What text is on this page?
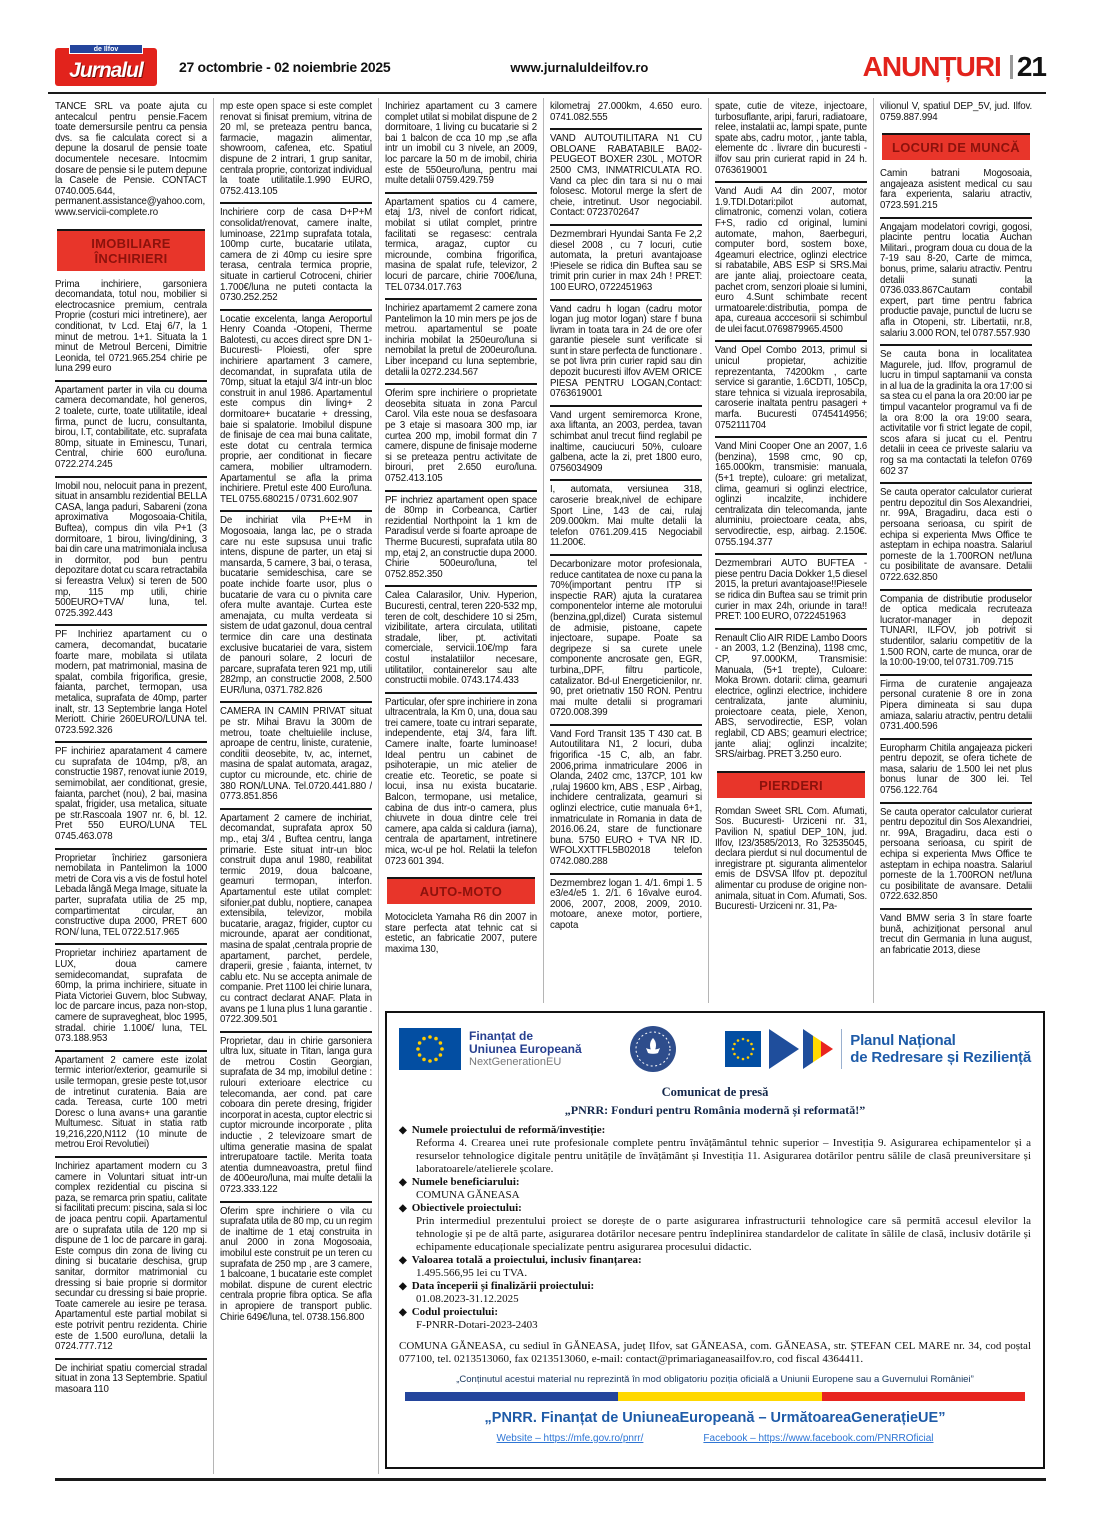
de Ilfov
Jurnalul	27 octombrie - 02 noiembrie 2025	www.jurnaluldeilfov.ro	ANUNȚURI 21
TANCE SRL va poate ajuta cu antecalcul pentru pensie.Facem toate demersursile pentru ca pensia dvs. sa fie calculata corect si a depune la dosarul de pensie toate documentele necesare. Intocmim dosare de pensie si le putem depune la Casele de Pensie. CONTACT 0740.005.644, permanent.assistance@yahoo.com, www.servicii-complete.ro
IMOBILIARE ÎNCHIRIERI
Prima inchiriere, garsoniera decomandata, totul nou, mobilier si electrocasnice premium, centrala Proprie (costuri mici intretinere), aer conditionat, tv Lcd. Etaj 6/7, la 1 minut de metrou. 1+1. Situata la 1 minut de Metroul Berceni, Dimitrie Leonida, tel 0721.965.254 chirie pe luna 299 euro
Apartament parter in vila cu douma camera decomandate, hol generos, 2 toalete, curte, toate utilitatile, ideal firma, punct de lucru, consultanta, birou, I.T, contabilitate, etc. suprafata 80mp, situate in Eminescu, Tunari, Central, chirie 600 euro/luna. 0722.274.245
Imobil nou, nelocuit pana in prezent, situat in ansamblu rezidential BELLA CASA, langa paduri, Sabareni (zona aproximativa Mogosoaia-Chitila, Buftea), compus din vila P+1 (3 dormitoare, 1 birou, living/dining, 3 bai din care una matrimoniala inclusa in dormitor, pod bun pentru depozitare dotat cu scara retractabila si fereastra Velux) si teren de 500 mp, 115 mp utili, chirie 500EURO+TVA/ luna, tel. 0725.392.443
PF Inchiriez apartament cu o camera, decomandat, bucatarie foarte mare, mobilata si utilata modern, pat matrimonial, masina de spalat, combila frigorifica, gresie, faianta, parchet, termopan, usa metalica, suprafata de 40mp, parter inalt, str. 13 Septembrie langa Hotel Meriott. Chirie 260EURO/LUNA tel. 0723.592.326
PF inchiriez aparatament 4 camere cu suprafata de 104mp, p/8, an constructie 1987, renovat iunie 2019, semimobilat, aer conditionat, gresie, faianta, parchet (nou), 2 bai, masina spalat, frigider, usa metalica, situate pe str.Rascoala 1907 nr. 6, bl. 12. Pret 550 EURO/LUNA TEL 0745.463.078
Proprietar închiriez garsoniera nemobilata in Pantelimon la 1000 metri de Cora vis a vis de fostul hotel Lebada lângă Mega Image, situate la parter, suprafata utilia de 25 mp, compartimentat circular, an constructive dupa 2000, PRET 600 RON/ luna, TEL 0722.517.965
Proprietar inchiriez apartament de LUX, doua camere semidecomandat, suprafata de 60mp, la prima inchiriere, situate in Piata Victoriei Guvern, bloc Subway, loc de parcare incus, paza non-stop, camere de supravegheat, bloc 1995, stradal. chirie 1.100€/ luna, TEL 073.188.953
Apartament 2 camere este izolat termic interior/exterior, geamurile si usile termopan, gresie peste tot,usor de intretinut curatenia. Baia are cada. Tereasa, curte 100 metri Doresc o luna avans+ una garantie Multumesc. Situat in statia ratb 19,216,220,N112 (10 minute de metrou Eroi Revolutiei)
Inchiriez apartament modern cu 3 camere in Voluntari situat intr-un complex rezidential cu piscina si paza, se remarca prin spatiu, calitate si facilitati precum: piscina, sala si loc de joaca pentru copii. Apartamentul are o suprafata utila de 120 mp si dispune de 1 loc de parcare in garaj. Este compus din zona de living cu dining si bucatarie deschisa, grup sanitar, dormitor matrimonial cu dressing si baie proprie si dormitor secundar cu dressing si baie proprie. Toate camerele au iesire pe terasa. Apartamentul este partial mobilat si este potrivit pentru rezidenta. Chirie este de 1.500 euro/luna, detalii la 0724.777.712
De inchiriat spatiu comercial stradal situat in zona 13 Septembrie. Spatiul masoara 110
mp este open space si este complet renovat si finisat premium, vitrina de 20 ml, se preteaza pentru banca, farmacie, magazin alimentar, showroom, cafenea, etc. Spatiul dispune de 2 intrari, 1 grup sanitar, centrala proprie, contorizat individual la toate utilitatile.1.990 EURO, 0752.413.105
Inchiriere corp de casa D+P+M consolidat/renovat, camere inalte, luminoase, 221mp suprafata totala, 100mp curte, bucatarie utilata, camera de zi 40mp cu iesire spre terasa, centrala termica proprie, situate in cartierul Cotroceni, chirier 1.700€/luna ne puteti contacta la 0730.252.252
Locatie excelenta, langa Aeroportul Henry Coanda -Otopeni, Therme Balotesti, cu acces direct spre DN 1- Bucuresti- Ploiesti, ofer spre inchiriere apartament 3 camere, decomandat, in suprafata utila de 70mp, situat la etajul 3/4 intr-un bloc construit in anul 1986. Apartamentul este compus din living+ 2 dormitoare+ bucatarie + dressing, baie si spalatorie. Imobilul dispune de finisaje de cea mai buna calitate, este dotat cu centrala termica proprie, aer conditionat in fiecare camera, mobilier ultramodern. Apartamentul se afla la prima inchiriere. Pretul este 400 Euro/luna. TEL 0755.680215 / 0731.602.907
De inchiriat vila P+E+M in Mogosoaia, langa lac, pe o strada care nu este supsusa unui trafic intens, dispune de parter, un etaj si mansarda, 5 camere, 3 bai, o terasa, bucatarie semideschisa, care se poate inchide foarte usor, plus o bucatarie de vara cu o pivnita care ofera multe avantaje. Curtea este amenajata, cu multa verdeata si sistem de udat gazonul, doua central termice din care una destinata exclusive bucatariei de vara, sistem de panouri solare, 2 locuri de parcare, suprafata teren 921 mp, utili 282mp, an constructie 2008, 2.500 EUR/luna, 0371.782.826
CAMERA IN CAMIN PRIVAT situat pe str. Mihai Bravu la 300m de metrou, toate cheltuielile incluse, aproape de centru, liniste, curatenie, conditii deosebite, tv, ac, internet, masina de spalat automata, aragaz, cuptor cu microunde, etc. chirie de 380 RON/LUNA. Tel.0720.441.880 / 0773.851.856
Apartament 2 camere de inchiriat, decomandat, suprafata aprox 50 mp., etaj 3/4 , Buftea centru, langa primarie. Este situat intr-un bloc construit dupa anul 1980, reabilitat termic 2019, doua balcoane, geamuri termopan, interfon. Apartamentul este utilat complet: sifonier,pat dublu, noptiere, canapea extensibila, televizor, mobila bucatarie, aragaz, frigider, cuptor cu microunde, aparat aer conditionat, masina de spalat ,centrala proprie de apartament, parchet, perdele, draperii, gresie , faianta, internet, tv cablu etc. Nu se accepta animale de companie. Pret 1100 lei chirie lunara, cu contract declarat ANAF. Plata in avans pe 1 luna plus 1 luna garantie . 0722.309.501
Proprietar, dau in chirie garsoniera ultra lux, situate in Titan, langa gura de metrou Costin Georgian, suprafata de 34 mp, imobilul detine : rulouri exterioare electrice cu telecomanda, aer cond. pat care coboara din perete dresing, frigider incorporat in acesta, cuptor electric si cuptor microunde incorporate , plita inductie , 2 televizoare smart de ultima generatie masina de spalat intrerupatoare tactile. Merita toata atentia dumneavoastra, pretul fiind de 400euro/luna, mai multe detalii la 0723.333.122
Oferim spre inchiriere o vila cu suprafata utila de 80 mp, cu un regim de inaltime de 1 etaj construita in anul 2000 in zona Mogosoaia, imobilul este construit pe un teren cu suprafata de 250 mp , are 3 camere, 1 balcoane, 1 bucatarie este complet mobilat. dispune de curent electric centrala proprie fibra optica. Se afla in apropiere de transport public. Chirie 649€/luna, tel. 0738.156.800
Inchiriez apartament cu 3 camere complet utilat si mobilat dispune de 2 dormitoare, 1 living cu bucatarie si 2 bai 1 balcon de cca 10 mp ,se afla intr un imobil cu 3 nivele, an 2009, loc parcare la 50 m de imobil, chiria este de 550euro/luna, pentru mai multe detalii 0759.429.759
Apartament spatios cu 4 camere, etaj 1/3, nivel de confort ridicat, mobilat si utilat complet, printre facilitati se regasesc: centrala termica, aragaz, cuptor cu microunde, combina frigorifica, masina de spalat rufe, televizor, 2 locuri de parcare, chirie 700€/luna, TEL 0734.017.763
Inchiriez apartamemt 2 camere zona Pantelimon la 10 min mers pe jos de metrou. apartamentul se poate inchiria mobilat la 250euro/luna si nemobilat la pretul de 200euro/luna. Liber incepand cu luna septembrie, detalii la 0272.234.567
Oferim spre inchiriere o proprietate deosebita situata in zona Parcul Carol. Vila este noua se desfasoara pe 3 etaje si masoara 300 mp, iar curtea 200 mp, imobil format din 7 camere, dispune de finisaje moderne si se preteaza pentru activitate de birouri, pret 2.650 euro/luna. 0752.413.105
PF inchriez apartament open space de 80mp in Corbeanca, Cartier rezidential Northpoint la 1 km de Paradisul verde si foarte aproape de Therme Bucuresti, suprafata utila 80 mp, etaj 2, an constructie dupa 2000. Chirie 500euro/luna, tel 0752.852.350
Calea Calarasilor, Univ. Hyperion, Bucuresti, central, teren 220-532 mp, teren de colt, deschidere 10 si 25m, vizibilitate, artera circulata, utilitati stradale, liber, pt. activitati comerciale, servicii.10€/mp fara costul instalatiilor necesare, utilitatilor, containerelor sau alte constructii mobile. 0743.174.433
Particular, ofer spre inchiriere in zona ultracentrala, la Km 0, una, doua sau trei camere, toate cu intrari separate, independente, etaj 3/4, fara lift. Camere inalte, foarte luminoase! Ideal pentru un cabinet de psihoterapie, un mic atelier de creatie etc. Teoretic, se poate si locui, insa nu exista bucatarie. Balcon, termopane, usi metalice, cabina de dus intr-o camera, plus chiuvete in doua dintre cele trei camere, apa calda si caldura (iarna), centrala de apartament, intretinere mica, wc-ul pe hol. Relatii la telefon 0723 601 394.
AUTO-MOTO
Motocicleta Yamaha R6 din 2007 in stare perfecta atat tehnic cat si estetic, an fabricatie 2007, putere maxima 130,
kilometraj 27.000km, 4.650 euro. 0741.082.555
VAND AUTOUTILITARA N1 CU OBLOANE RABATABILE BA02-PEUGEOT BOXER 230L , MOTOR 2500 CM3, INMATRICULATA RO. Vand ca plec din tara si nu o mai folosesc. Motorul merge la sfert de cheie, intretinut. Usor negociabil. Contact: 0723702647
Dezmembrari Hyundai Santa Fe 2,2 diesel 2008 , cu 7 locuri, cutie automata, la preturi avantajoase !Piesele se ridica din Buftea sau se trimit prin curier in max 24h ! PRET: 100 EURO, 0722451963
Vand cadru h logan (cadru motor logan jug motor logan) stare f buna livram in toata tara in 24 de ore ofer garantie piesele sunt verificate si sunt in stare perfecta de functionare . se pot livra prin curier rapid sau din depozit bucuresti ilfov AVEM ORICE PIESA PENTRU LOGAN,Contact: 0763619001
Vand urgent semiremorca Krone, axa liftanta, an 2003, perdea, tavan schimbat anul trecut fiind reglabil pe inaltime, cauciucuri 50%, culoare galbena, acte la zi, pret 1800 euro, 0756034909
I, automata, versiunea 318, caroserie break,nivel de echipare Sport Line, 143 de cai, rulaj 209.000km. Mai multe detalii la telefon 0761.209.415 Negociabil 11.200€.
Decarbonizare motor profesionala, reduce cantitatea de noxe cu pana la 70%(important pentru ITP si inspectie RAR) ajuta la curatarea componentelor interne ale motorului (benzina,gpl,dizel) Curata sistemul de admisie, pistoane, capete injectoare, supape. Poate sa degripeze si sa curete unele componente ancrosate gen, EGR, turbina,,DPF, filtru particole, catalizator. Bd-ul Energeticienilor, nr. 90, pret orietnativ 150 RON. Pentru mai multe detalii si programari 0720.008.399
Vand Ford Transit 135 T 430 cat. B Autoutilitara N1, 2 locuri, duba frigorifica -15 C, alb, an fabr. 2006,prima inmatriculare 2006 in Olanda, 2402 cmc, 137CP, 101 kw ,rulaj 19600 km, ABS , ESP , Airbag, inchidere centralizata, geamuri si oglinzi electrice, cutie manuala 6+1, inmatriculate in Romania in data de 2016.06.24, stare de functionare buna. 5750 EURO + TVA NR ID. WFOLXXTTFL5B02018 telefon 0742.080.288
Dezmembrez logan 1. 4/1. 6mpi 1. 5 e3/e4/e5 1. 2/1. 6 16valve euro4. 2006, 2007, 2008, 2009, 2010. motoare, anexe motor, portiere, capota
spate, cutie de viteze, injectoare, turbosuflante, aripi, faruri, radiatoare, relee, instalatii ac, lampi spate, punte spate abs, cadru motor, , jante tabla, elemente dc . livrare din bucuresti - ilfov sau prin curierat rapid in 24 h. 0763619001
Vand Audi A4 din 2007, motor 1.9.TDI.Dotari:pilot automat, climatronic, comenzi volan, cotiera F+S, radio cd original, lumini automate, mahon, 8aerbeguri, computer bord, sostem boxe, 4geamuri electrice, oglinzi electrice si rabatabile, ABS ESP si SRS.Mai are jante aliaj, proiectoare ceata, pachet crom, senzori ploaie si lumini, euro 4.Sunt schimbate recent urmatoarele:distributia, pompa de apa, cureaua acccesorii si schimbul de ulei facut.0769879965.4500
Vand Opel Combo 2013, primul si unicul propietar, achizitie reprezentanta, 74200km , carte service si garantie, 1.6CDTI, 105Cp, stare tehnica si vizuala ireprosabila, caroserie inaltata pentru pasageri + marfa. Bucuresti 0745414956; 0752111704
Vand Mini Cooper One an 2007, 1.6 (benzina), 1598 cmc, 90 cp, 165.000km, transmisie: manuala,(5+1 trepte), culoare: gri metalizat, clima, geamuri si oglinzi electrice, oglinzi incalzite, inchidere centralizata din telecomanda, jante aluminiu, proiectoare ceata, abs, servodirectie, esp, airbag. 2.150€. 0755.194.377
Dezmembrari AUTO BUFTEA - piese pentru Dacia Dokker 1,5 diesel 2015, la preturi avantajoase!!Piesele se ridica din Buftea sau se trimit prin curier in max 24h, oriunde in tara!! PRET: 100 EURO, 0722451963
Renault Clio AIR RIDE Lambo Doors - an 2003, 1.2 (Benzina), 1198 cmc, CP, 97.000KM, Transmisie: Manuala, (5+1 trepte), Culoare: Moka Brown. dotarii: clima, geamuri electrice, oglinzi electrice, inchidere centralizata, jante aluminiu, proiectoare ceata, piele, Xenon, ABS, servodirectie, ESP, volan reglabil, CD ABS; geamuri electrice; jante aliaj; oglinzi incalzite; SRS/airbag. PRET 3.250 euro.
PIERDERI
Romdan Sweet SRL Com. Afumati, Sos. Bucuresti- Urziceni nr. 31, Pavilion N, spatiul DEP_10N, jud. Ilfov, I23/3585/2013, Ro 32535045, declara pierdut si nul documentul de inregistrare pt. siguranta alimentelor emis de DSVSA Ilfov pt. depozitul alimentar cu produse de origine non-animala, situat in Com. Afumati, Sos. Bucuresti- Urziceni nr. 31, Pa-
vilionul V, spatiul DEP_5V, jud. Ilfov. 0759.887.994
LOCURI DE MUNCĂ
Camin batrani Mogosoaia, angajeaza asistent medical cu sau fara experienta, salariu atractiv, 0723.591.215
Angajam modelatori covrigi, gogosi, placinte pentru locatia Auchan Militari., program doua cu doua de la 7-19 sau 8-20, Carte de mimca, bonus, prime, salariu atractiv. Pentru detalii sunati la 0736.033.867Cautam contabil expert, part time pentru fabrica productie pavaje, punctul de lucru se afla in Otopeni, str. Libertatii, nr.8, salariu 3.000 RON, tel 0787.557.930
Se cauta bona in localitatea Magurele, jud. Ilfov, programul de lucru in timpul saptamanii va consta in al lua de la gradinita la ora 17:00 si sa stea cu el pana la ora 20:00 iar pe timpul vacantelor programul va fi de la ora 8:00 la ora 19:00 seara, activitatile vor fi strict legate de copil, scos afara si jucat cu el. Pentru detalii in ceea ce priveste salariu va rog sa ma contactati la telefon 0769 602 37
Se cauta operator calculator curierat pentru depozitul din Sos Alexandriei, nr. 99A, Bragadiru, daca esti o persoana serioasa, cu spirit de echipa si experienta Mws Office te asteptam in echipa noastra. Salariul porneste de la 1.700RON net/luna cu posibilitate de avansare. Detalii 0722.632.850
Compania de distributie produselor de optica medicala recruteaza lucrator-manager in depozit TUNARI, ILFOV, job potrivit si studentilor, salariu competitiv de la 1.500 RON, carte de munca, orar de la 10:00-19:00, tel 0731.709.715
Firma de curatenie angajeaza personal curatenie 8 ore in zona Pipera dimineata si sau dupa amiaza, salariu atractiv, pentru detalii 0731.400.596
Europharm Chitila angajeaza pickeri pentru depozit, se ofera tichete de masa, salariu de 1.500 lei net plus bonus lunar de 300 lei. Tel 0756.122.764
Se cauta operator calculator curierat pentru depozitul din Sos Alexandriei, nr. 99A, Bragadiru, daca esti o persoana serioasa, cu spirit de echipa si experienta Mws Office te asteptam in echipa noastra. Salariul porneste de la 1.700RON net/luna cu posibilitate de avansare. Detalii 0722.632.850
Vand BMW seria 3 în stare foarte bună, achiziționat personal anul trecut din Germania in luna august, an fabricatie 2013, diese
Finanțat de
Uniunea Europeană
NextGenerationEU
Planul Național
de Redresare și Reziliență
Comunicat de presă
„PNRR: Fonduri pentru România modernă și reformată!”
◆ Numele proiectului de reformă/investiție:
Reforma 4. Crearea unei rute profesionale complete pentru învățământul tehnic superior – Investiția 9. Asigurarea echipamentelor și a resurselor tehnologice digitale pentru unitățile de învățământ și Investiția 11. Asigurarea dotărilor pentru sălile de clasă preuniversitare și laboratoarele/atelierele școlare.
◆ Numele beneficiarului:
COMUNA GĂNEASA
◆ Obiectivele proiectului:
Prin intermediul prezentului proiect se dorește de o parte asigurarea infrastructurii tehnologice care să permită accesul elevilor la tehnologie și pe de altă parte, asigurarea dotărilor necesare pentru îndeplinirea standardelor de calitate în sălile de clasă, inclusiv dotările și echipamente educaționale specializate pentru asigurarea procesului didactic.
◆ Valoarea totală a proiectului, inclusiv finanțarea:
1.495.566,95 lei cu TVA.
◆ Data începerii și finalizării proiectului:
01.08.2023-31.12.2025
◆ Codul proiectului:
F-PNRR-Dotari-2023-2403
COMUNA GĂNEASA, cu sediul în GĂNEASA, județ Ilfov, sat GĂNEASA, com. GĂNEASA, str. ȘTEFAN CEL MARE nr. 34, cod poștal 077100, tel. 0213513060, fax 0213513060, e-mail: contact@primariaganeasailfov.ro, cod fiscal 4364411.
„Conținutul acestui material nu reprezintă în mod obligatoriu poziția oficială a Uniunii Europene sau a Guvernului României”
„PNRR. Finanțat de UniuneaEuropeană – UrmătoareaGenerațieUE”
Website – https://mfe.gov.ro/pnrr/	Facebook – https://www.facebook.com/PNRROficial
